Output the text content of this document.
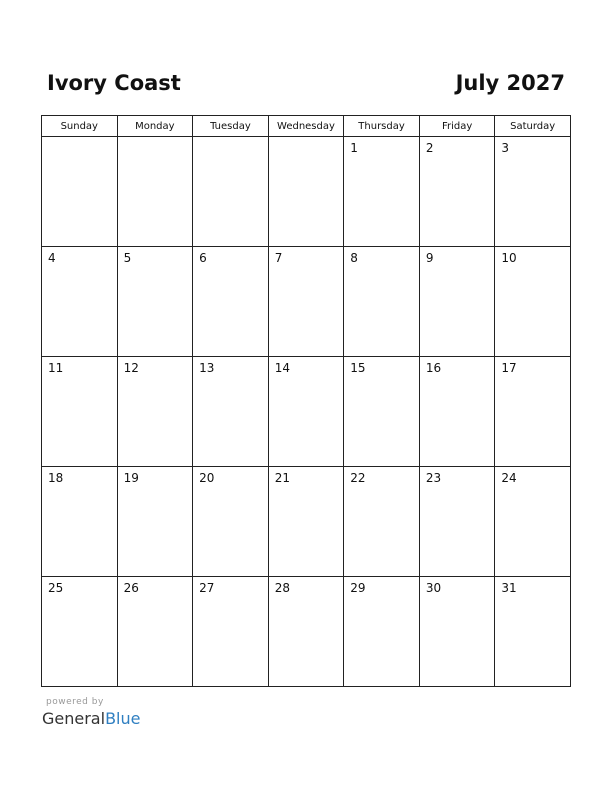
Ivory Coast	July 2027
Sunday	Monday	Tuesday	Wednesday	Thursday	Friday	Saturday

				1	2	3

4	5	6	7	8	9	10

11	12	13	14	15	16	17

18	19	20	21	22	23	24

25	26	27	28	29	30	31
powered by
GeneralBlue
